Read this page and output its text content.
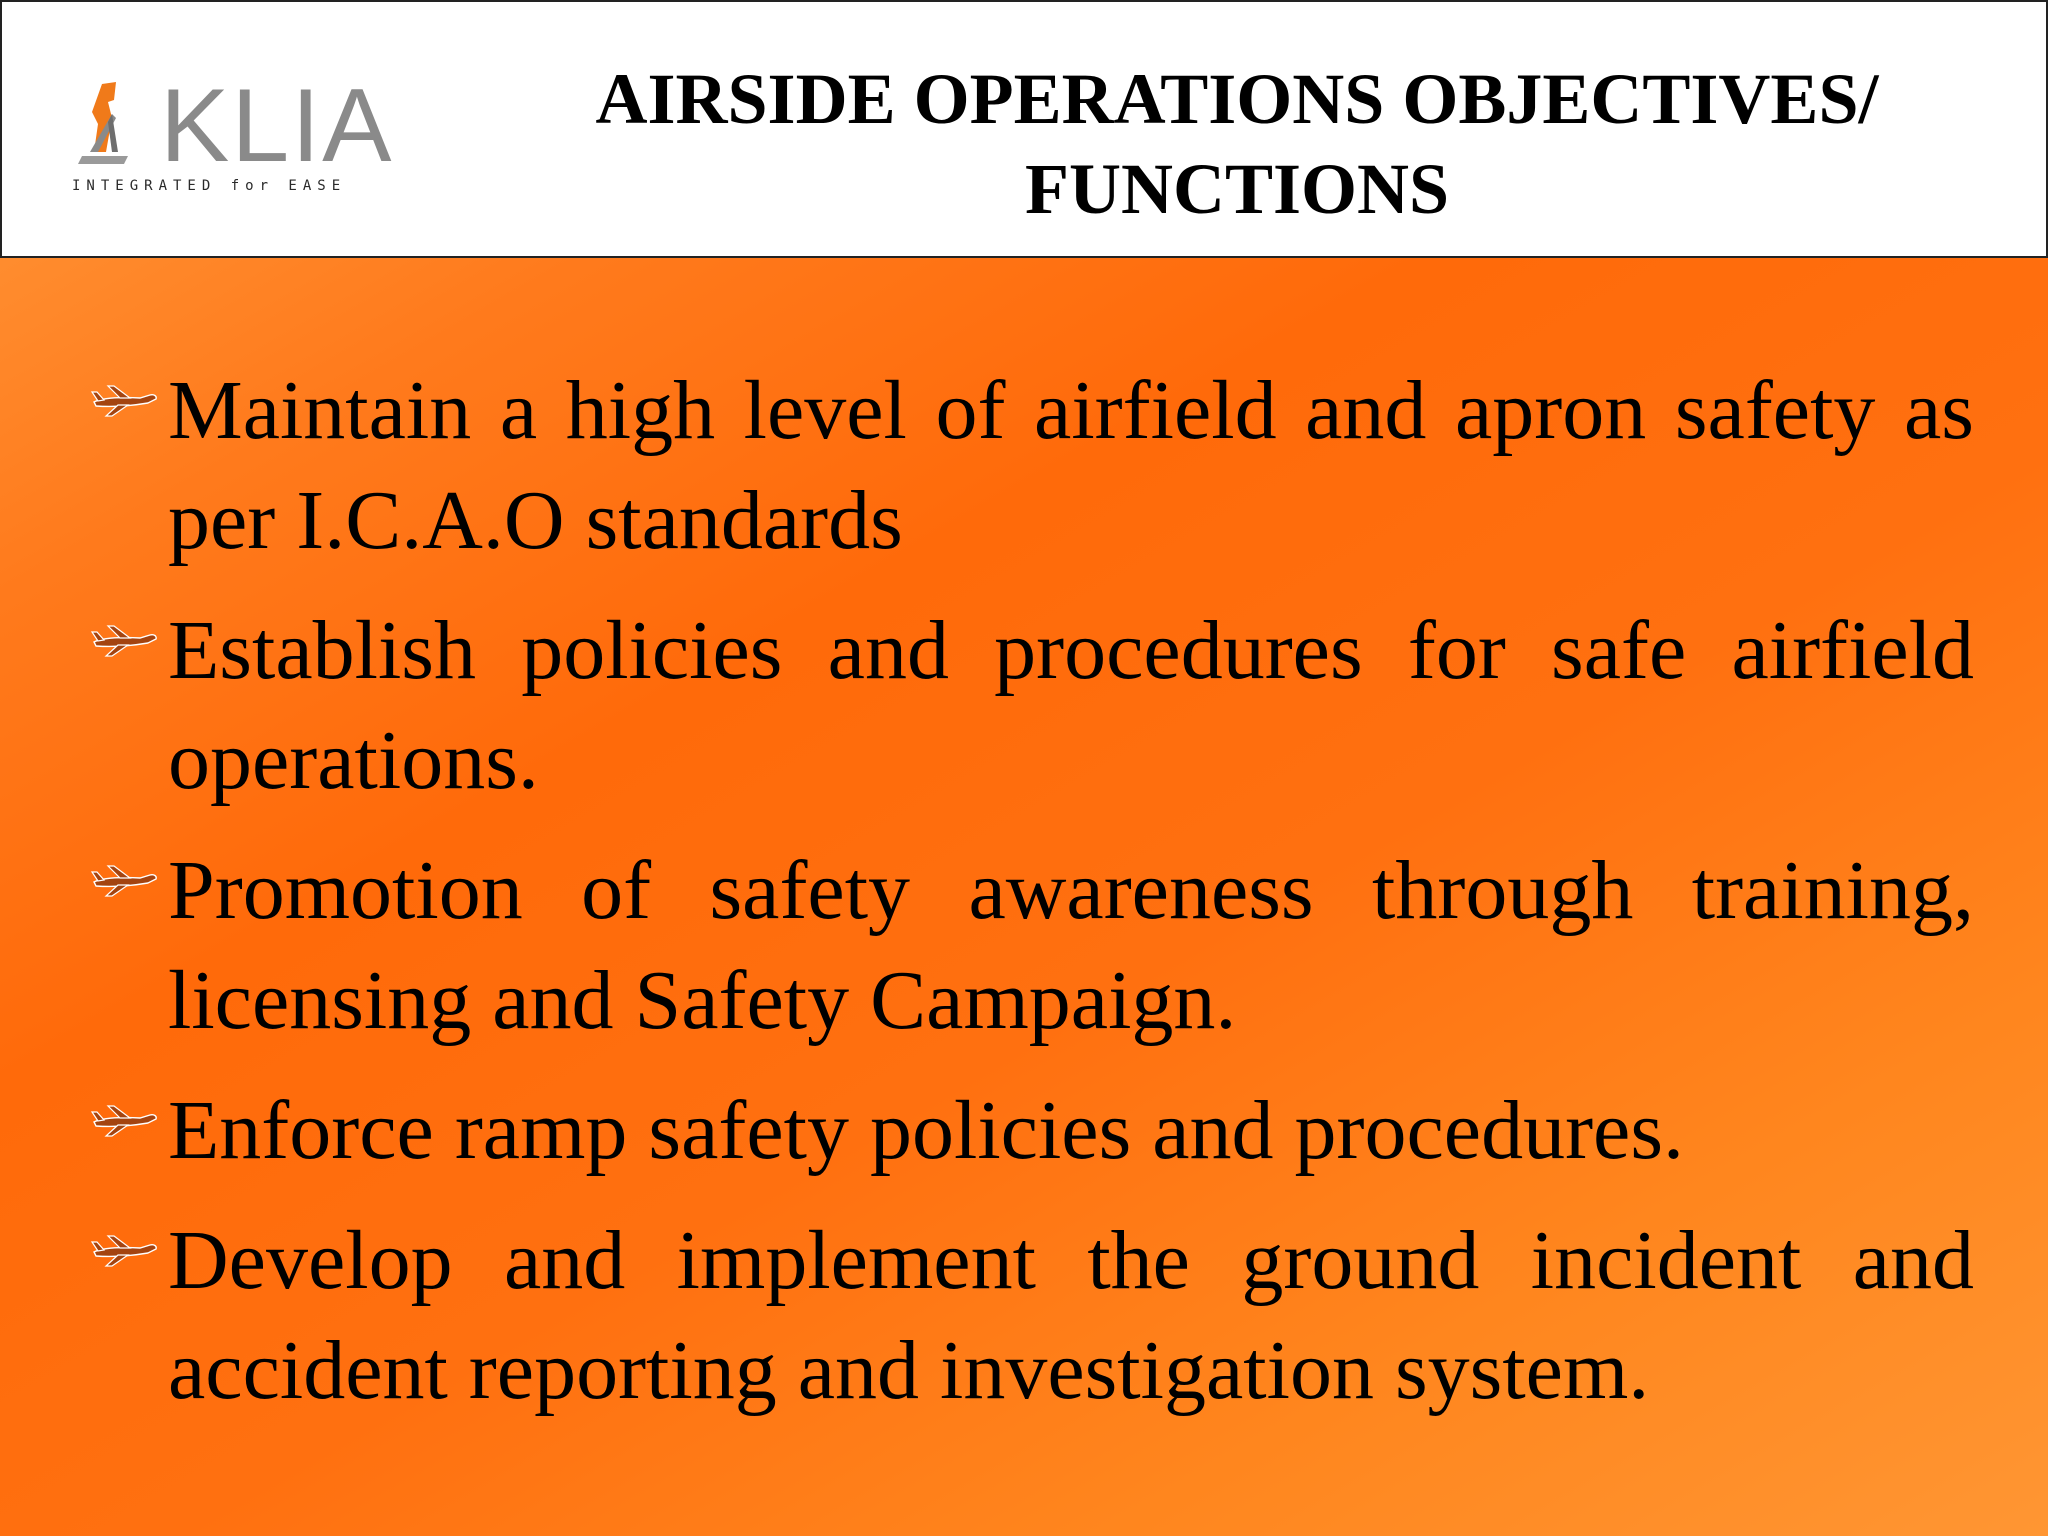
KLIA
INTEGRATED for EASE
AIRSIDE OPERATIONS OBJECTIVES/
FUNCTIONS
Maintain a high level of airfield and apron safety as per I.C.A.O standards
Establish policies and procedures for safe airfield operations.
Promotion of safety awareness through training, licensing and Safety Campaign.
Enforce ramp safety policies and procedures.
Develop and implement the ground incident and accident reporting and investigation system.
